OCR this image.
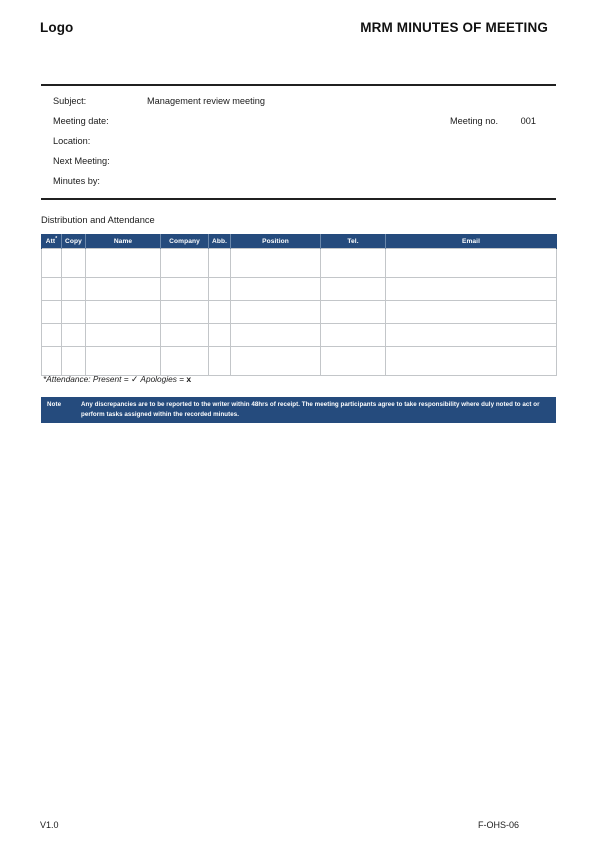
Logo	MRM MINUTES OF MEETING
Subject:	Management review meeting
Meeting date:	Meeting no. 001
Location:
Next Meeting:
Minutes by:
Distribution and Attendance
Att*	Copy	Name	Company	Abb.	Position	Tel.	Email

*Attendance: Present = ✓ Apologies = x
Note	Any discrepancies are to be reported to the writer within 48hrs of receipt. The meeting participants agree to take responsibility where duly noted to act or perform tasks assigned within the recorded minutes.
V1.0	F-OHS-06
